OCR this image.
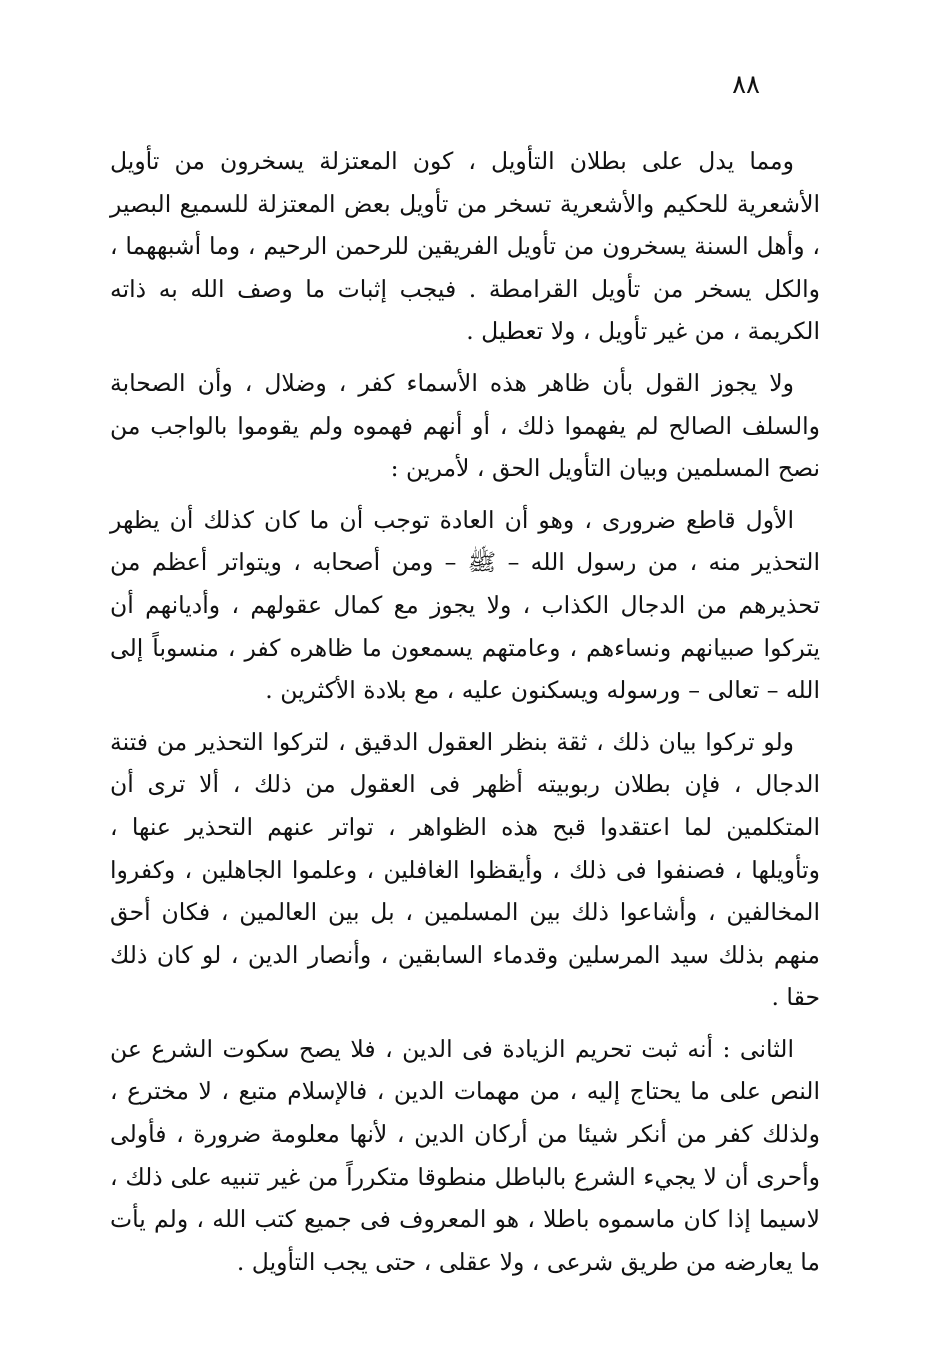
٨٨

ومما يدل على بطلان التأويل ، كون المعتزلة يسخرون من تأويل الأشعرية للحكيم والأشعرية تسخر من تأويل بعض المعتزلة للسميع البصير ، وأهل السنة يسخرون من تأويل الفريقين للرحمن الرحيم ، وما أشبههما ، والكل يسخر من تأويل القرامطة . فيجب إثبات ما وصف الله به ذاته الكريمة ، من غير تأويل ، ولا تعطيل .

ولا يجوز القول بأن ظاهر هذه الأسماء كفر ، وضلال ، وأن الصحابة والسلف الصالح لم يفهموا ذلك ، أو أنهم فهموه ولم يقوموا بالواجب من نصح المسلمين وبيان التأويل الحق ، لأمرين :

الأول قاطع ضرورى ، وهو أن العادة توجب أن ما كان كذلك أن يظهر التحذير منه ، من رسول الله – ﷺ – ومن أصحابه ، ويتواتر أعظم من تحذيرهم من الدجال الكذاب ، ولا يجوز مع كمال عقولهم ، وأديانهم أن يتركوا صبيانهم ونساءهم ، وعامتهم يسمعون ما ظاهره كفر ، منسوباً إلى الله – تعالى – ورسوله ويسكنون عليه ، مع بلادة الأكثرين .

ولو تركوا بيان ذلك ، ثقة بنظر العقول الدقيق ، لتركوا التحذير من فتنة الدجال ، فإن بطلان ربوبيته أظهر فى العقول من ذلك ، ألا ترى أن المتكلمين لما اعتقدوا قبح هذه الظواهر ، تواتر عنهم التحذير عنها ، وتأويلها ، فصنفوا فى ذلك ، وأيقظوا الغافلين ، وعلموا الجاهلين ، وكفروا المخالفين ، وأشاعوا ذلك بين المسلمين ، بل بين العالمين ، فكان أحق منهم بذلك سيد المرسلين وقدماء السابقين ، وأنصار الدين ، لو كان ذلك حقا .

الثانى : أنه ثبت تحريم الزيادة فى الدين ، فلا يصح سكوت الشرع عن النص على ما يحتاج إليه ، من مهمات الدين ، فالإسلام متبع ، لا مخترع ، ولذلك كفر من أنكر شيئا من أركان الدين ، لأنها معلومة ضرورة ، فأولى وأحرى أن لا يجيء الشرع بالباطل منطوقا متكرراً من غير تنبيه على ذلك ، لاسيما إذا كان ماسموه باطلا ، هو المعروف فى جميع كتب الله ، ولم يأت ما يعارضه من طريق شرعى ، ولا عقلى ، حتى يجب التأويل .
